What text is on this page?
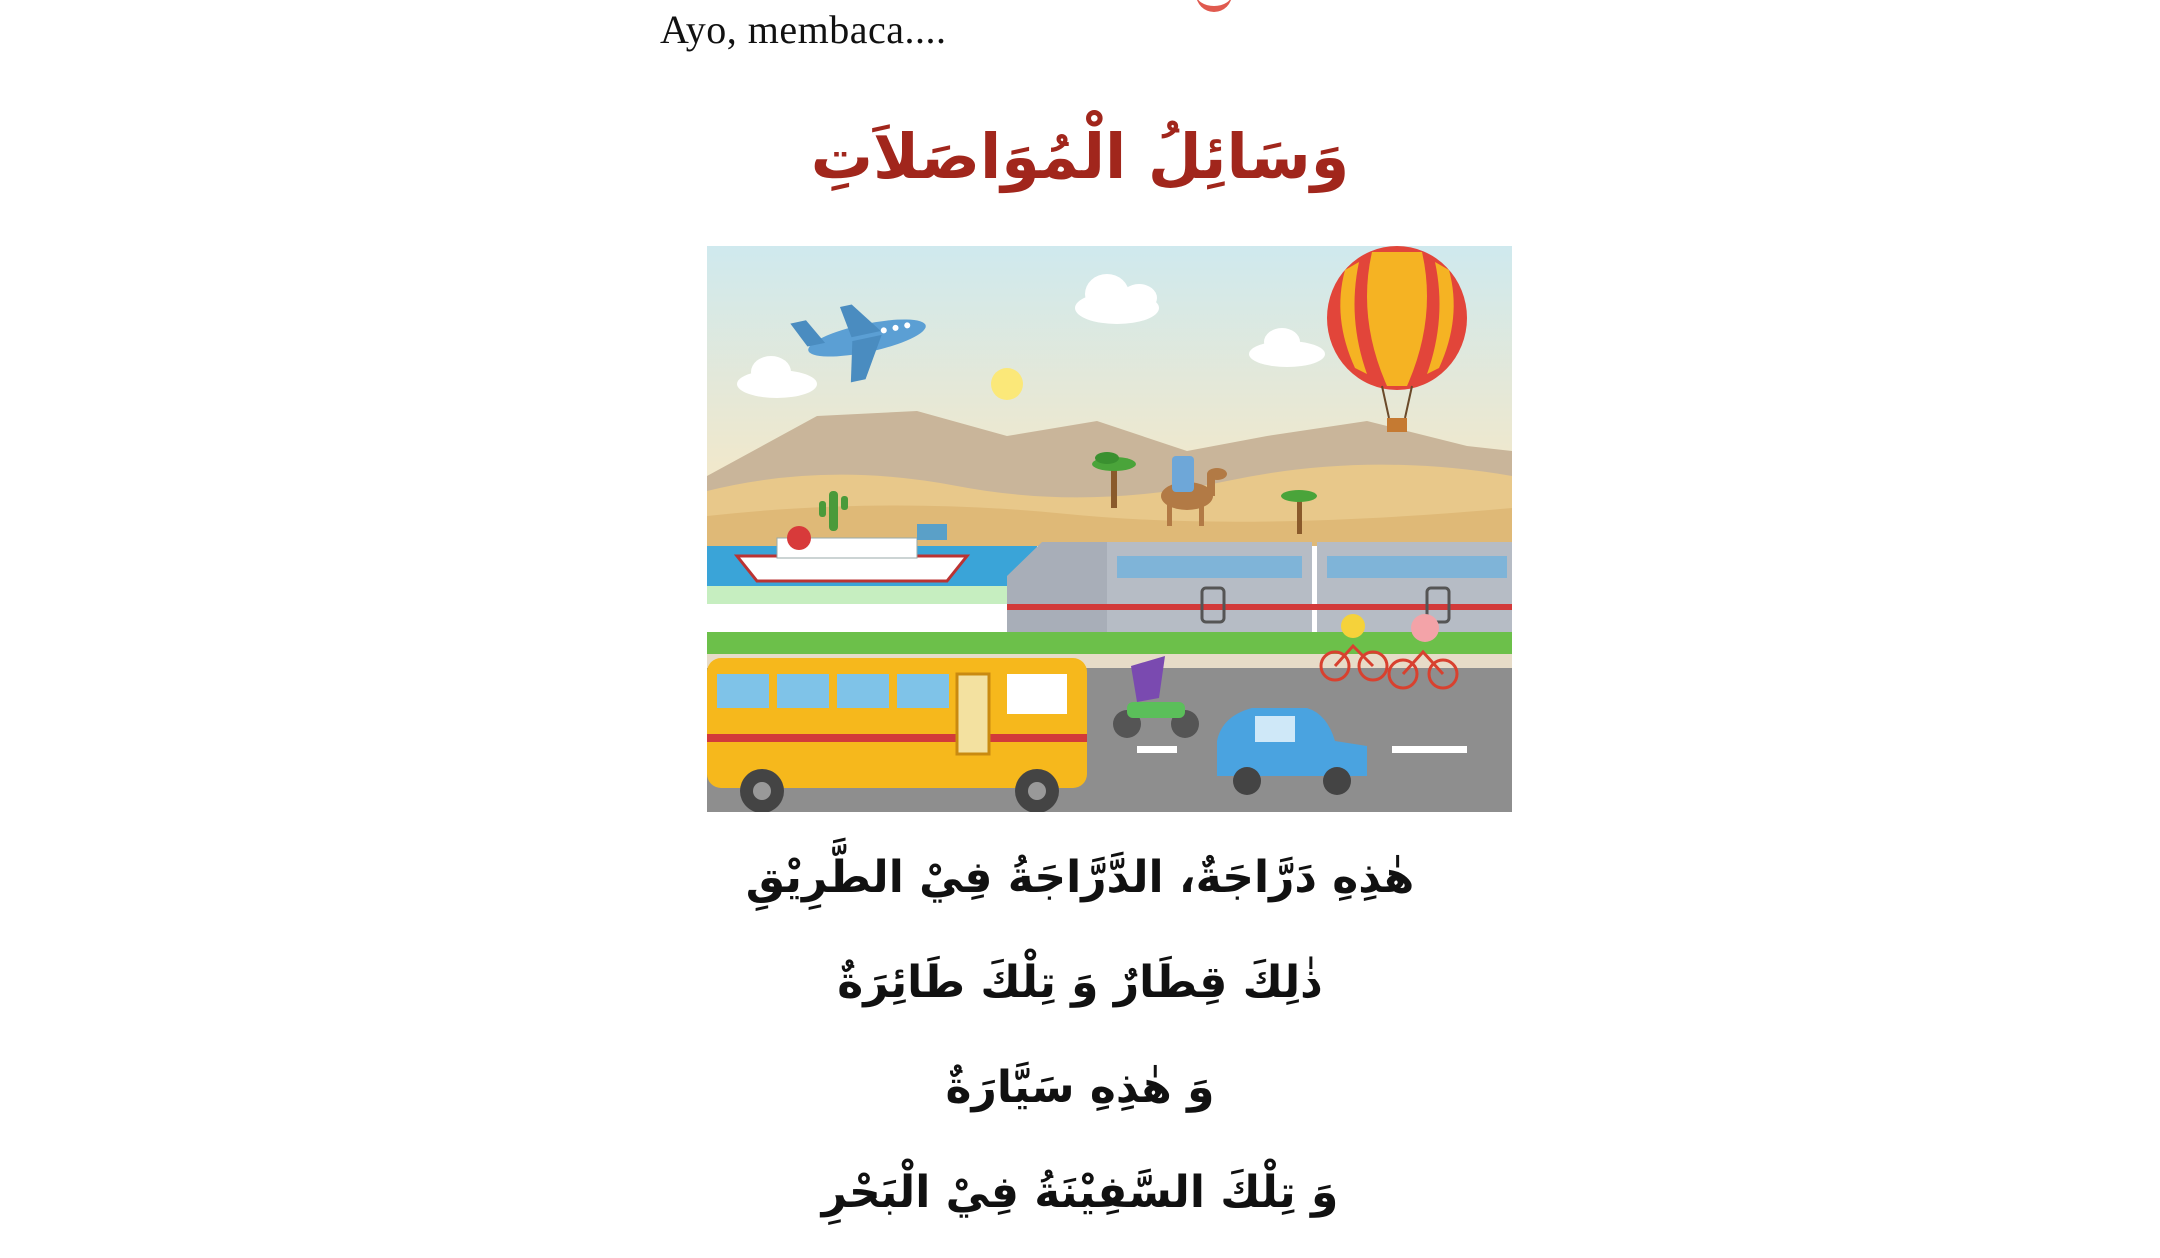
Ayo, membaca....
وَسَائِلُ الْمُوَاصَلاَتِ
هٰذِهِ دَرَّاجَةٌ، الدَّرَّاجَةُ فِيْ الطَّرِيْقِ
ذٰلِكَ قِطَارٌ وَ تِلْكَ طَائِرَةٌ
وَ هٰذِهِ سَيَّارَةٌ
وَ تِلْكَ السَّفِيْنَةُ فِيْ الْبَحْرِ
